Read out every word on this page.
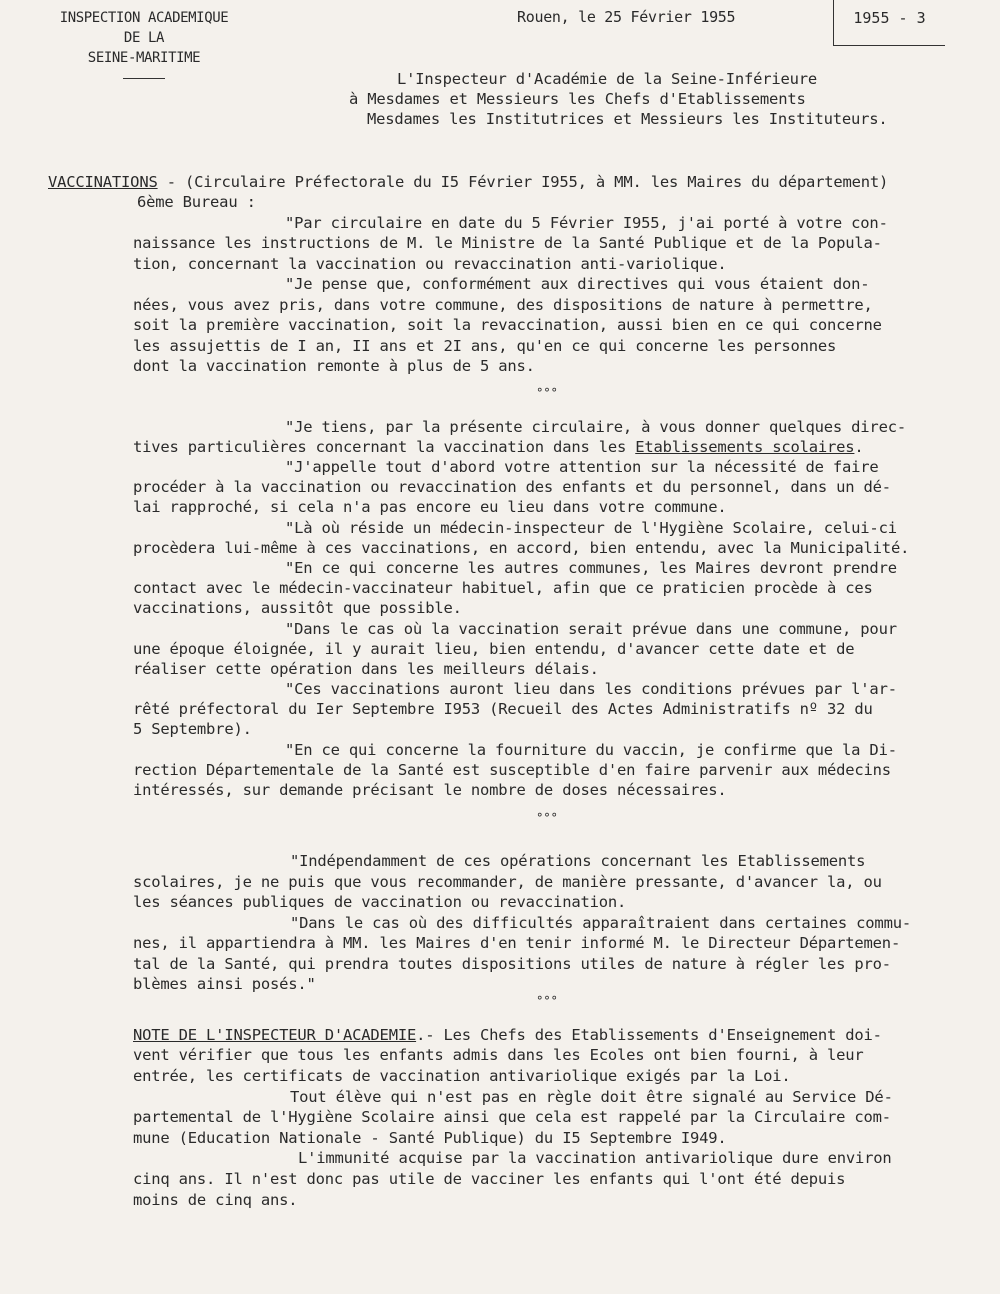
INSPECTION ACADEMIQUE
DE LA
SEINE-MARITIME
Rouen, le 25 Février 1955	1955 - 3
L'Inspecteur d'Académie de la Seine-Inférieure
à Mesdames et Messieurs les Chefs d'Etablissements
Mesdames les Institutrices et Messieurs les Instituteurs.
VACCINATIONS - (Circulaire Préfectorale du I5 Février I955, à MM. les Maires du département)
6ème Bureau :
"Par circulaire en date du 5 Février I955, j'ai porté à votre con-
naissance les instructions de M. le Ministre de la Santé Publique et de la Popula-
tion, concernant la vaccination ou revaccination anti-variolique.
"Je pense que, conformément aux directives qui vous étaient don-
nées, vous avez pris, dans votre commune, des dispositions de nature à permettre,
soit la première vaccination, soit la revaccination, aussi bien en ce qui concerne
les assujettis de I an, II ans et 2I ans, qu'en ce qui concerne les personnes
dont la vaccination remonte à plus de 5 ans.
°°°
"Je tiens, par la présente circulaire, à vous donner quelques direc-
tives particulières concernant la vaccination dans les Etablissements scolaires.
"J'appelle tout d'abord votre attention sur la nécessité de faire
procéder à la vaccination ou revaccination des enfants et du personnel, dans un dé-
lai rapproché, si cela n'a pas encore eu lieu dans votre commune.
"Là où réside un médecin-inspecteur de l'Hygiène Scolaire, celui-ci
procèdera lui-même à ces vaccinations, en accord, bien entendu, avec la Municipalité.
"En ce qui concerne les autres communes, les Maires devront prendre
contact avec le médecin-vaccinateur habituel, afin que ce praticien procède à ces
vaccinations, aussitôt que possible.
"Dans le cas où la vaccination serait prévue dans une commune, pour
une époque éloignée, il y aurait lieu, bien entendu, d'avancer cette date et de
réaliser cette opération dans les meilleurs délais.
"Ces vaccinations auront lieu dans les conditions prévues par l'ar-
rêté préfectoral du Ier Septembre I953 (Recueil des Actes Administratifs nº 32 du
5 Septembre).
"En ce qui concerne la fourniture du vaccin, je confirme que la Di-
rection Départementale de la Santé est susceptible d'en faire parvenir aux médecins
intéressés, sur demande précisant le nombre de doses nécessaires.
°°°
"Indépendamment de ces opérations concernant les Etablissements
scolaires, je ne puis que vous recommander, de manière pressante, d'avancer la, ou
les séances publiques de vaccination ou revaccination.
"Dans le cas où des difficultés apparaîtraient dans certaines commu-
nes, il appartiendra à MM. les Maires d'en tenir informé M. le Directeur Départemen-
tal de la Santé, qui prendra toutes dispositions utiles de nature à régler les pro-
blèmes ainsi posés."
°°°
NOTE DE L'INSPECTEUR D'ACADEMIE.- Les Chefs des Etablissements d'Enseignement doi-
vent vérifier que tous les enfants admis dans les Ecoles ont bien fourni, à leur
entrée, les certificats de vaccination antivariolique exigés par la Loi.
Tout élève qui n'est pas en règle doit être signalé au Service Dé-
partemental de l'Hygiène Scolaire ainsi que cela est rappelé par la Circulaire com-
mune (Education Nationale - Santé Publique) du I5 Septembre I949.
L'immunité acquise par la vaccination antivariolique dure environ
cinq ans. Il n'est donc pas utile de vacciner les enfants qui l'ont été depuis
moins de cinq ans.
